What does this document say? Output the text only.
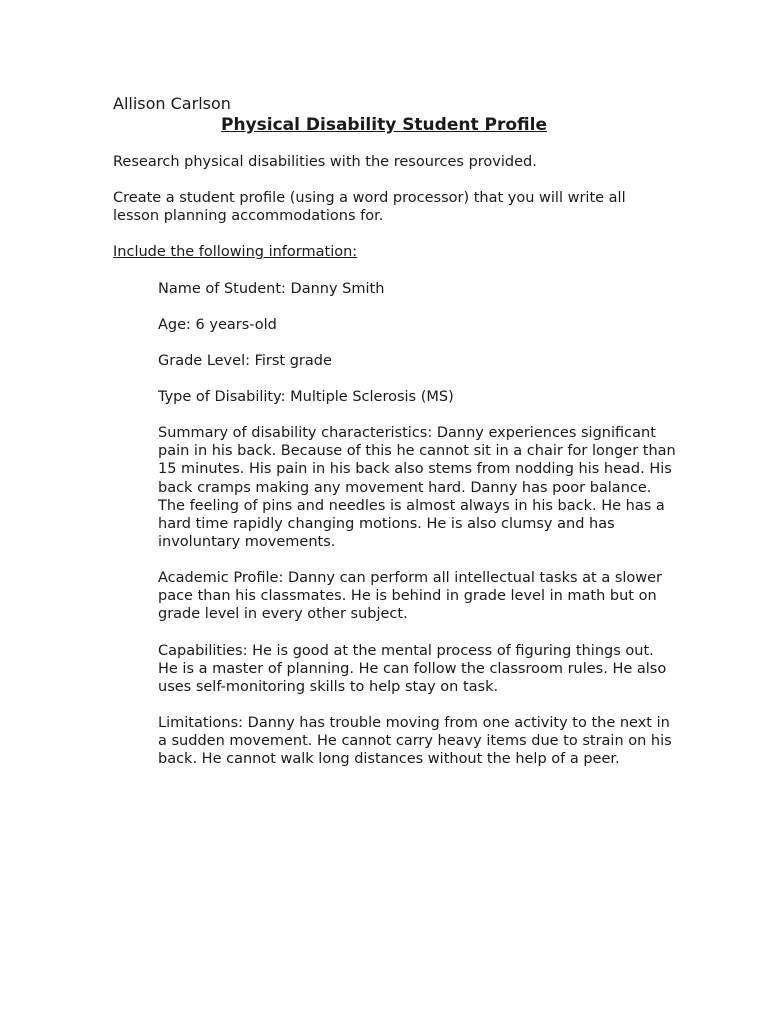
Allison Carlson
Physical Disability Student Profile

Research physical disabilities with the resources provided.

Create a student profile (using a word processor) that you will write all lesson planning accommodations for.

Include the following information:

Name of Student: Danny Smith

Age: 6 years-old

Grade Level: First grade

Type of Disability: Multiple Sclerosis (MS)

Summary of disability characteristics: Danny experiences significant pain in his back. Because of this he cannot sit in a chair for longer than 15 minutes. His pain in his back also stems from nodding his head. His back cramps making any movement hard. Danny has poor balance. The feeling of pins and needles is almost always in his back. He has a hard time rapidly changing motions. He is also clumsy and has involuntary movements.

Academic Profile: Danny can perform all intellectual tasks at a slower pace than his classmates. He is behind in grade level in math but on grade level in every other subject.

Capabilities: He is good at the mental process of figuring things out. He is a master of planning. He can follow the classroom rules. He also uses self-monitoring skills to help stay on task.

Limitations: Danny has trouble moving from one activity to the next in a sudden movement. He cannot carry heavy items due to strain on his back. He cannot walk long distances without the help of a peer.
